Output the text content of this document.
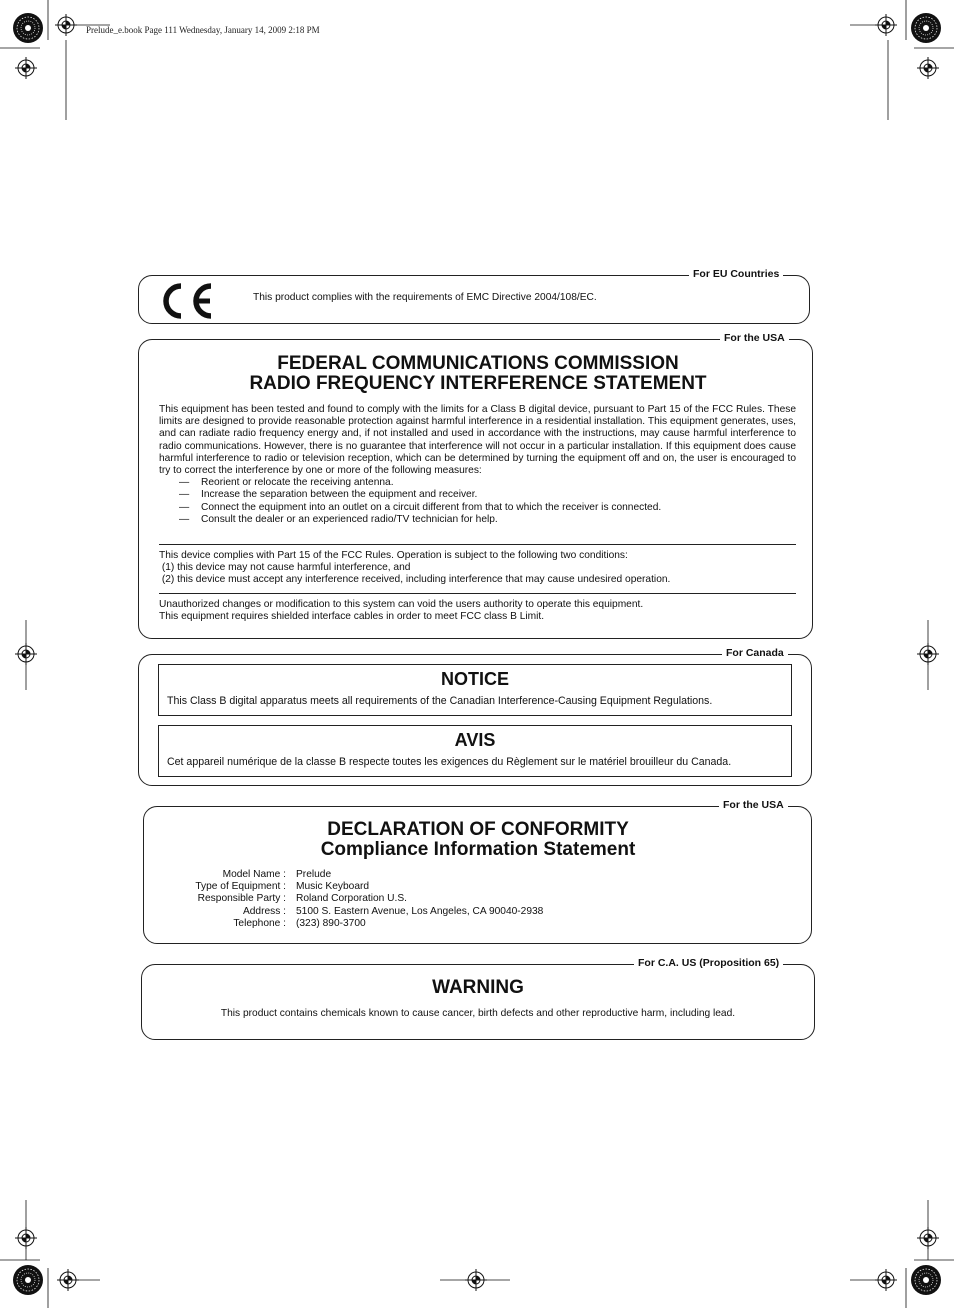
Prelude_e.book Page 111 Wednesday, January 14, 2009 2:18 PM
For EU Countries
This product complies with the requirements of EMC Directive 2004/108/EC.
For the USA
FEDERAL COMMUNICATIONS COMMISSION
RADIO FREQUENCY INTERFERENCE STATEMENT
This equipment has been tested and found to comply with the limits for a Class B digital device, pursuant to Part 15 of the FCC Rules. These limits are designed to provide reasonable protection against harmful interference in a residential installation. This equipment generates, uses, and can radiate radio frequency energy and, if not installed and used in accordance with the instructions, may cause harmful interference to radio communications. However, there is no guarantee that interference will not occur in a particular installation. If this equipment does cause harmful interference to radio or television reception, which can be determined by turning the equipment off and on, the user is encouraged to try to correct the interference by one or more of the following measures:
—	Reorient or relocate the receiving antenna.
—	Increase the separation between the equipment and receiver.
—	Connect the equipment into an outlet on a circuit different from that to which the receiver is connected.
—	Consult the dealer or an experienced radio/TV technician for help.
This device complies with Part 15 of the FCC Rules. Operation is subject to the following two conditions:
(1) this device may not cause harmful interference, and
(2) this device must accept any interference received, including interference that may cause undesired operation.
Unauthorized changes or modification to this system can void the users authority to operate this equipment.
This equipment requires shielded interface cables in order to meet FCC class B Limit.
For Canada
NOTICE
This Class B digital apparatus meets all requirements of the Canadian Interference-Causing Equipment Regulations.
AVIS
Cet appareil numérique de la classe B respecte toutes les exigences du Règlement sur le matériel brouilleur du Canada.
For the USA
DECLARATION OF CONFORMITY
Compliance Information Statement
Model Name : Prelude
Type of Equipment : Music Keyboard
Responsible Party : Roland Corporation U.S.
Address : 5100 S. Eastern Avenue, Los Angeles, CA 90040-2938
Telephone : (323) 890-3700
For C.A. US (Proposition 65)
WARNING
This product contains chemicals known to cause cancer, birth defects and other reproductive harm, including lead.
